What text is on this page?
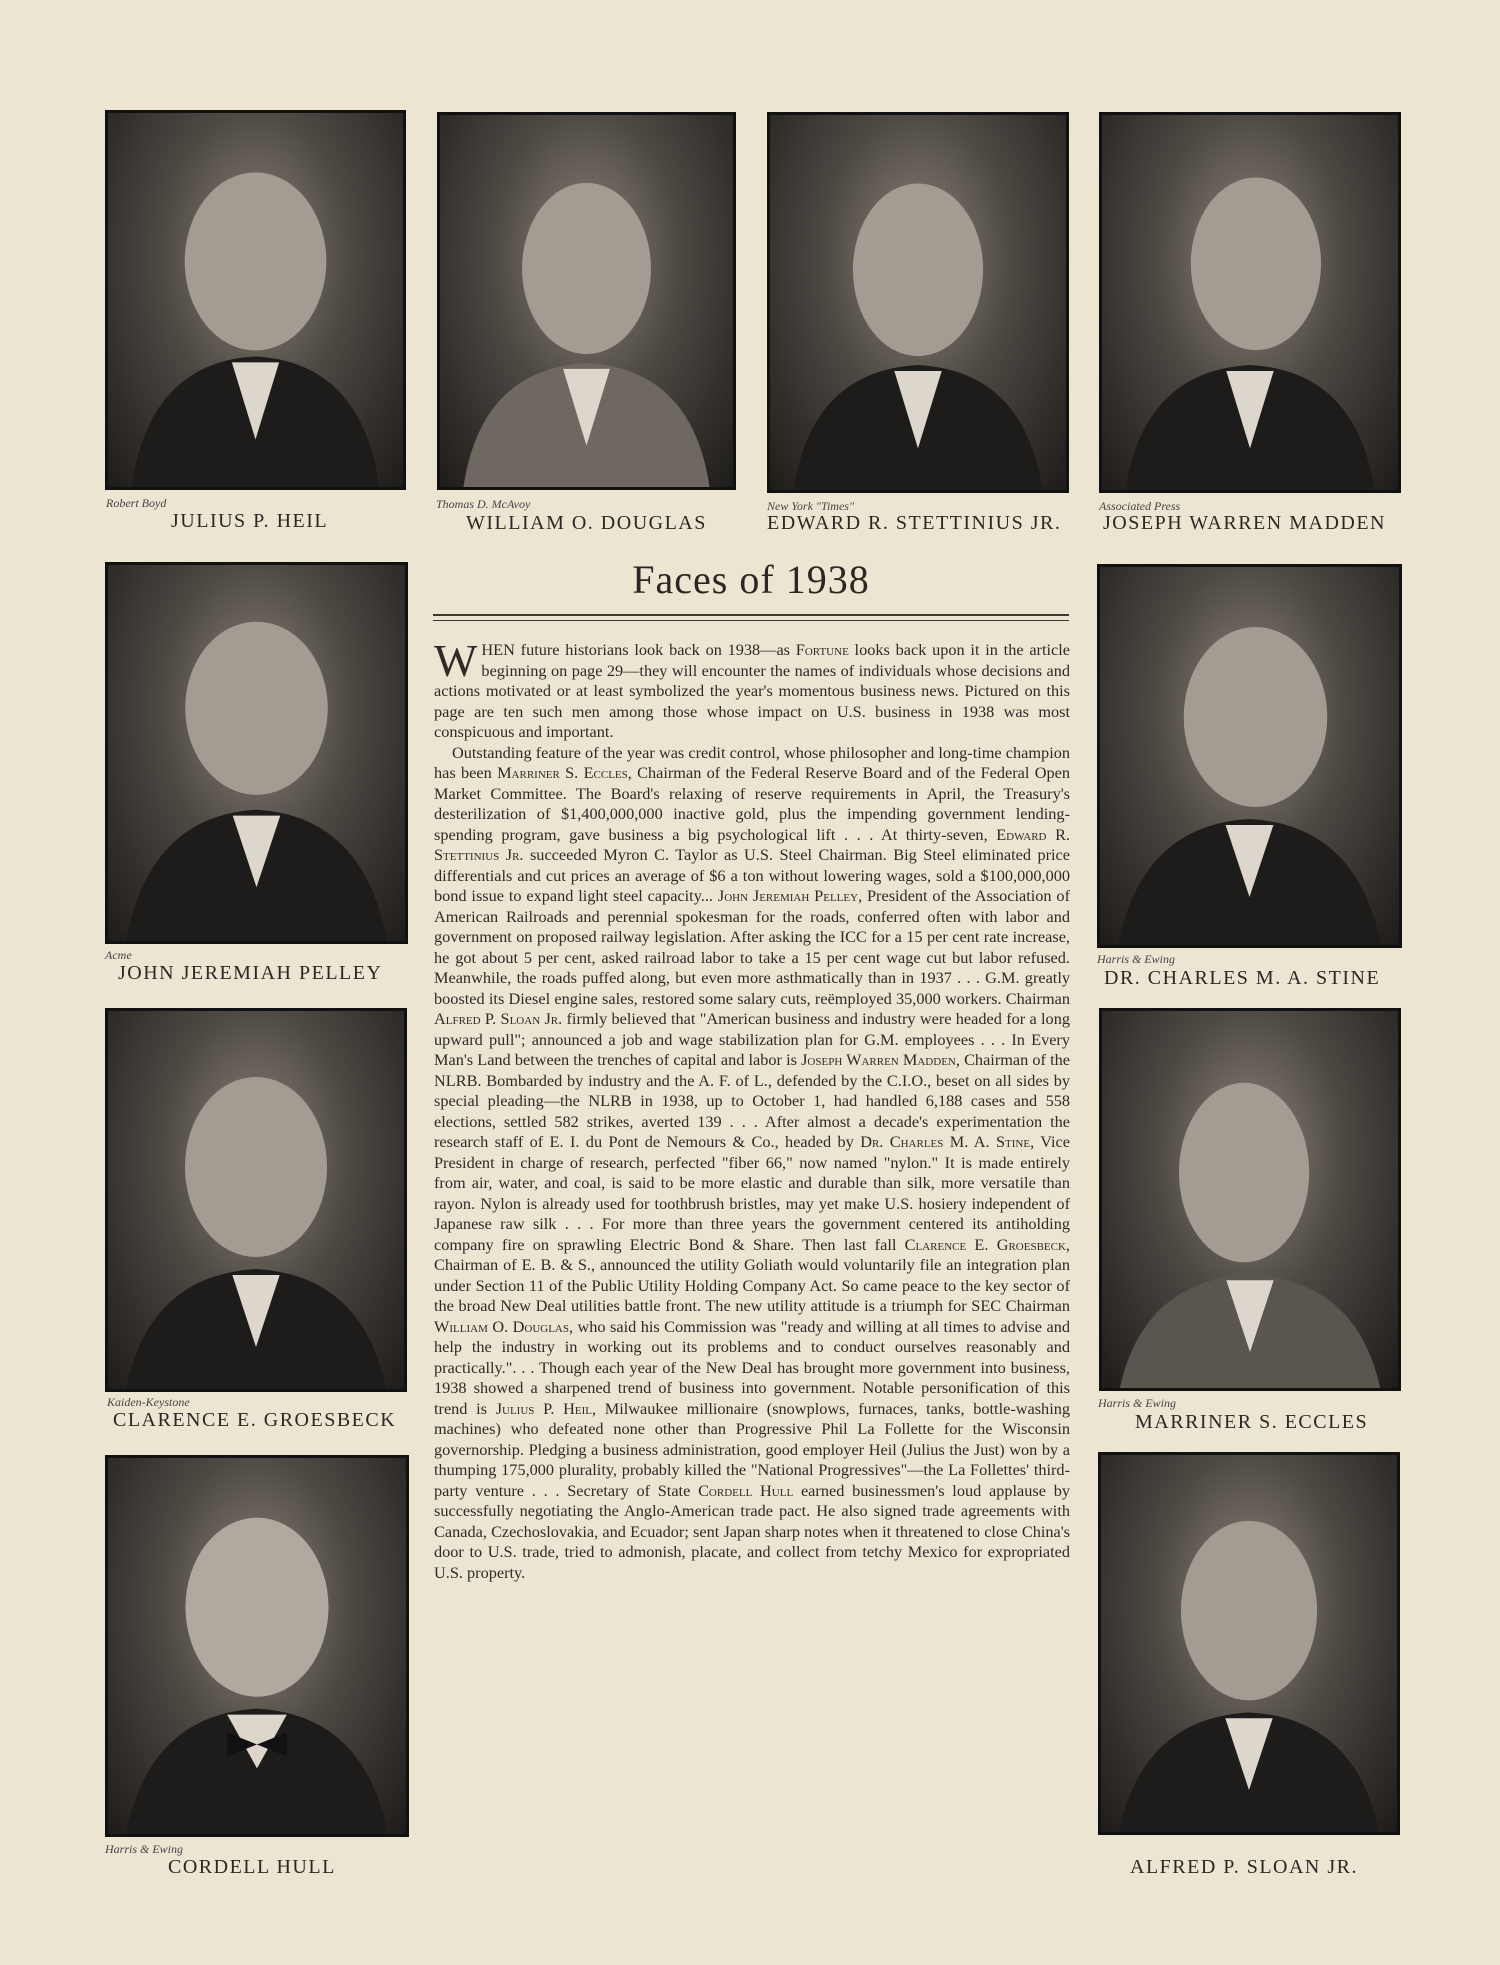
Robert Boyd
JULIUS P. HEIL
Thomas D. McAvoy
WILLIAM O. DOUGLAS
New York "Times"
EDWARD R. STETTINIUS JR.
Associated Press
JOSEPH WARREN MADDEN
Faces of 1938
Acme
JOHN JEREMIAH PELLEY
Kaiden-Keystone
CLARENCE E. GROESBECK
Harris & Ewing
CORDELL HULL
Harris & Ewing
DR. CHARLES M. A. STINE
Harris & Ewing
MARRINER S. ECCLES
ALFRED P. SLOAN JR.

WHEN future historians look back on 1938—as Fortune looks back upon it in the article beginning on page 29—they will encounter the names of individuals whose decisions and actions motivated or at least symbolized the year's momentous business news. Pictured on this page are ten such men among those whose impact on U.S. business in 1938 was most conspicuous and important.

Outstanding feature of the year was credit control, whose philosopher and long-time champion has been Marriner S. Eccles, Chairman of the Federal Reserve Board and of the Federal Open Market Committee. The Board's relaxing of reserve requirements in April, the Treasury's desterilization of $1,400,000,000 inactive gold, plus the impending government lending-spending program, gave business a big psychological lift . . . At thirty-seven, Edward R. Stettinius Jr. succeeded Myron C. Taylor as U.S. Steel Chairman. Big Steel eliminated price differentials and cut prices an average of $6 a ton without lowering wages, sold a $100,000,000 bond issue to expand light steel capacity... John Jeremiah Pelley, President of the Association of American Railroads and perennial spokesman for the roads, conferred often with labor and government on proposed railway legislation. After asking the ICC for a 15 per cent rate increase, he got about 5 per cent, asked railroad labor to take a 15 per cent wage cut but labor refused. Meanwhile, the roads puffed along, but even more asthmatically than in 1937 . . . G.M. greatly boosted its Diesel engine sales, restored some salary cuts, reëmployed 35,000 workers. Chairman Alfred P. Sloan Jr. firmly believed that "American business and industry were headed for a long upward pull"; announced a job and wage stabilization plan for G.M. employees . . . In Every Man's Land between the trenches of capital and labor is Joseph Warren Madden, Chairman of the NLRB. Bombarded by industry and the A. F. of L., defended by the C.I.O., beset on all sides by special pleading—the NLRB in 1938, up to October 1, had handled 6,188 cases and 558 elections, settled 582 strikes, averted 139 . . . After almost a decade's experimentation the research staff of E. I. du Pont de Nemours & Co., headed by Dr. Charles M. A. Stine, Vice President in charge of research, perfected "fiber 66," now named "nylon." It is made entirely from air, water, and coal, is said to be more elastic and durable than silk, more versatile than rayon. Nylon is already used for toothbrush bristles, may yet make U.S. hosiery independent of Japanese raw silk . . . For more than three years the government centered its antiholding company fire on sprawling Electric Bond & Share. Then last fall Clarence E. Groesbeck, Chairman of E. B. & S., announced the utility Goliath would voluntarily file an integration plan under Section 11 of the Public Utility Holding Company Act. So came peace to the key sector of the broad New Deal utilities battle front. The new utility attitude is a triumph for SEC Chairman William O. Douglas, who said his Commission was "ready and willing at all times to advise and help the industry in working out its problems and to conduct ourselves reasonably and practically.". . . Though each year of the New Deal has brought more government into business, 1938 showed a sharpened trend of business into government. Notable personification of this trend is Julius P. Heil, Milwaukee millionaire (snowplows, furnaces, tanks, bottle-washing machines) who defeated none other than Progressive Phil La Follette for the Wisconsin governorship. Pledging a business administration, good employer Heil (Julius the Just) won by a thumping 175,000 plurality, probably killed the "National Progressives"—the La Follettes' third-party venture . . . Secretary of State Cordell Hull earned businessmen's loud applause by successfully negotiating the Anglo-American trade pact. He also signed trade agreements with Canada, Czechoslovakia, and Ecuador; sent Japan sharp notes when it threatened to close China's door to U.S. trade, tried to admonish, placate, and collect from tetchy Mexico for expropriated U.S. property.
